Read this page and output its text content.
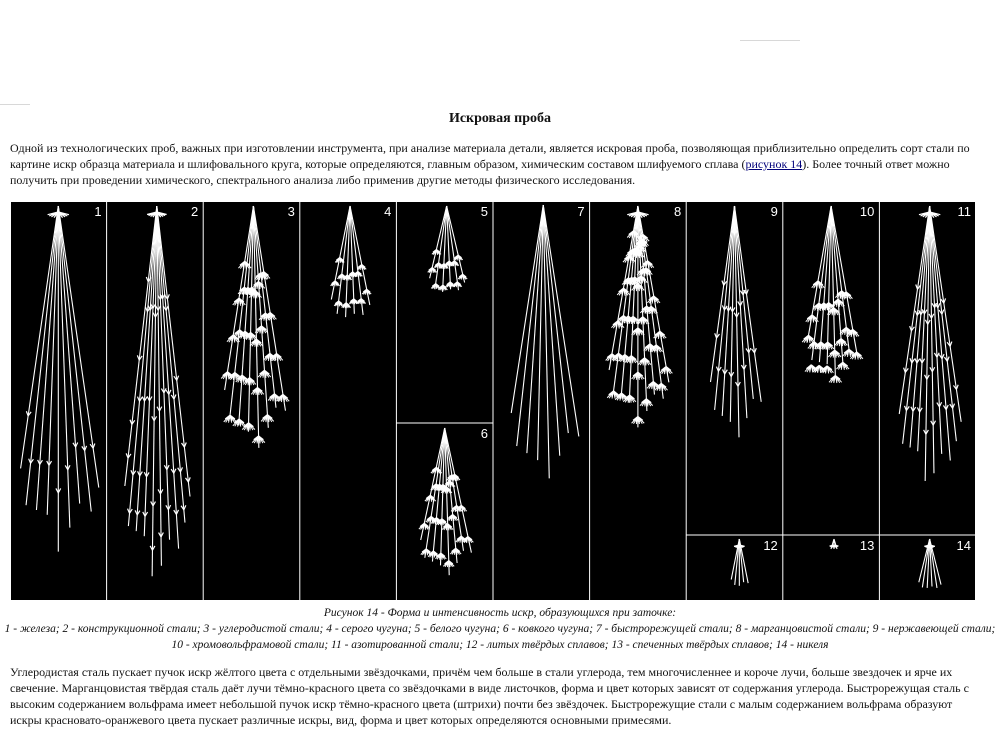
Искровая проба

Одной из технологических проб, важных при изготовлении инструмента, при анализе материала детали, является искровая проба, позволяющая приблизительно определить сорт стали по картине искр образца материала и шлифовального круга, которые определяются, главным образом, химическим составом шлифуемого сплава (рисунок 14). Более точный ответ можно получить при проведении химического, спектрального анализа либо применив другие методы физического исследования.

1	2	3	4	5
6
7	8	9	10	11
12	13	14

Рисунок 14 - Форма и интенсивность искр, образующихся при заточке:
1 - железа; 2 - конструкционной стали; 3 - углеродистой стали; 4 - серого чугуна; 5 - белого чугуна; 6 - ковкого чугуна; 7 - быстрорежущей стали; 8 - марганцовистой стали; 9 - нержавеющей стали; 10 - хромовольфрамовой стали; 11 - азотированной стали; 12 - литых твёрдых сплавов; 13 - спеченных твёрдых сплавов; 14 - никеля

Углеродистая сталь пускает пучок искр жёлтого цвета с отдельными звёздочками, причём чем больше в стали углерода, тем многочисленнее и короче лучи, больше звездочек и ярче их свечение. Марганцовистая твёрдая сталь даёт лучи тёмно-красного цвета со звёздочками в виде листочков, форма и цвет которых зависят от содержания углерода. Быстрорежущая сталь с высоким содержанием вольфрама имеет небольшой пучок искр тёмно-красного цвета (штрихи) почти без звёздочек. Быстрорежущие стали с малым содержанием вольфрама образуют искры красновато-оранжевого цвета пускает различные искры, вид, форма и цвет которых определяются основными примесями.
